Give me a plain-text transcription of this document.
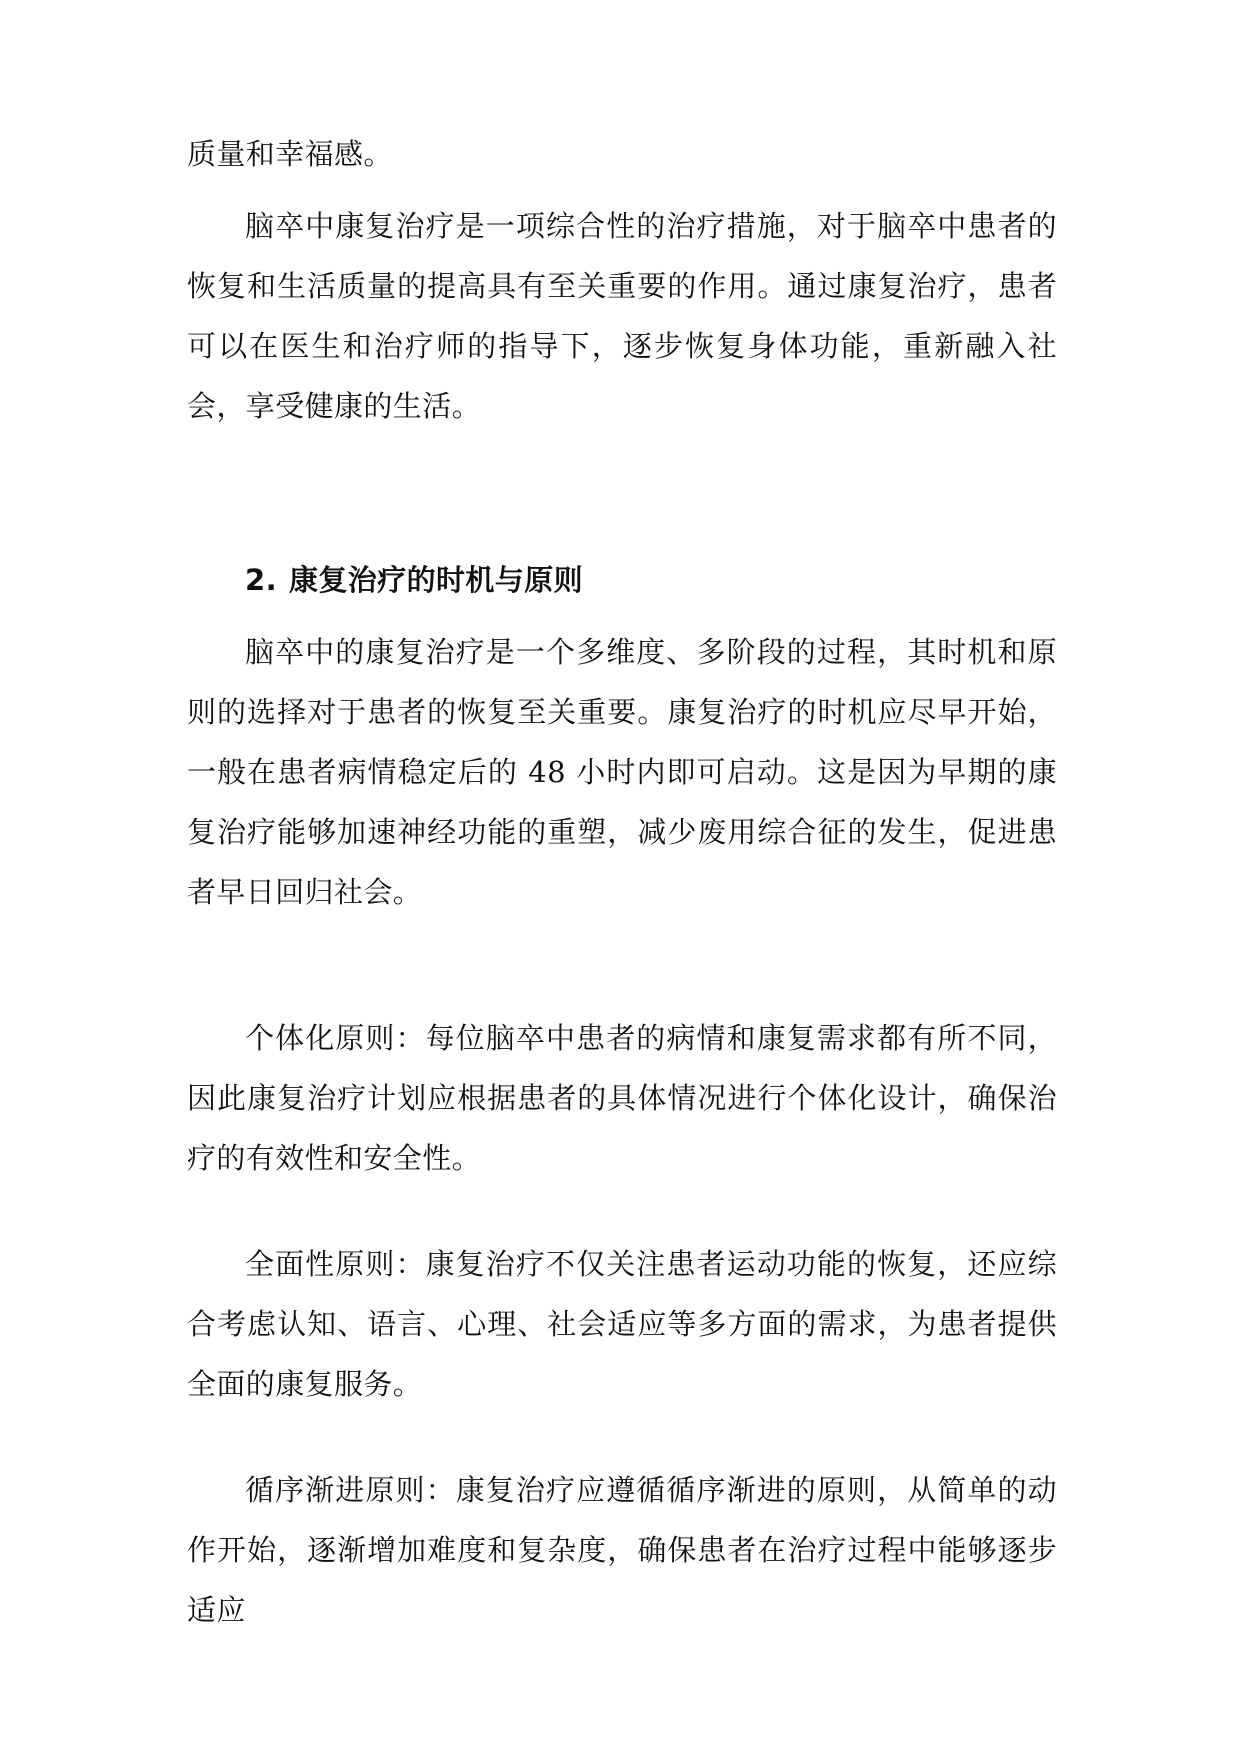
质量和幸福感。

脑卒中康复治疗是一项综合性的治疗措施，对于脑卒中患者的恢复和生活质量的提高具有至关重要的作用。通过康复治疗，患者可以在医生和治疗师的指导下，逐步恢复身体功能，重新融入社会，享受健康的生活。

2. 康复治疗的时机与原则

脑卒中的康复治疗是一个多维度、多阶段的过程，其时机和原则的选择对于患者的恢复至关重要。康复治疗的时机应尽早开始，一般在患者病情稳定后的 48 小时内即可启动。这是因为早期的康复治疗能够加速神经功能的重塑，减少废用综合征的发生，促进患者早日回归社会。

个体化原则：每位脑卒中患者的病情和康复需求都有所不同，因此康复治疗计划应根据患者的具体情况进行个体化设计，确保治疗的有效性和安全性。

全面性原则：康复治疗不仅关注患者运动功能的恢复，还应综合考虑认知、语言、心理、社会适应等多方面的需求，为患者提供全面的康复服务。

循序渐进原则：康复治疗应遵循循序渐进的原则，从简单的动作开始，逐渐增加难度和复杂度，确保患者在治疗过程中能够逐步适应
